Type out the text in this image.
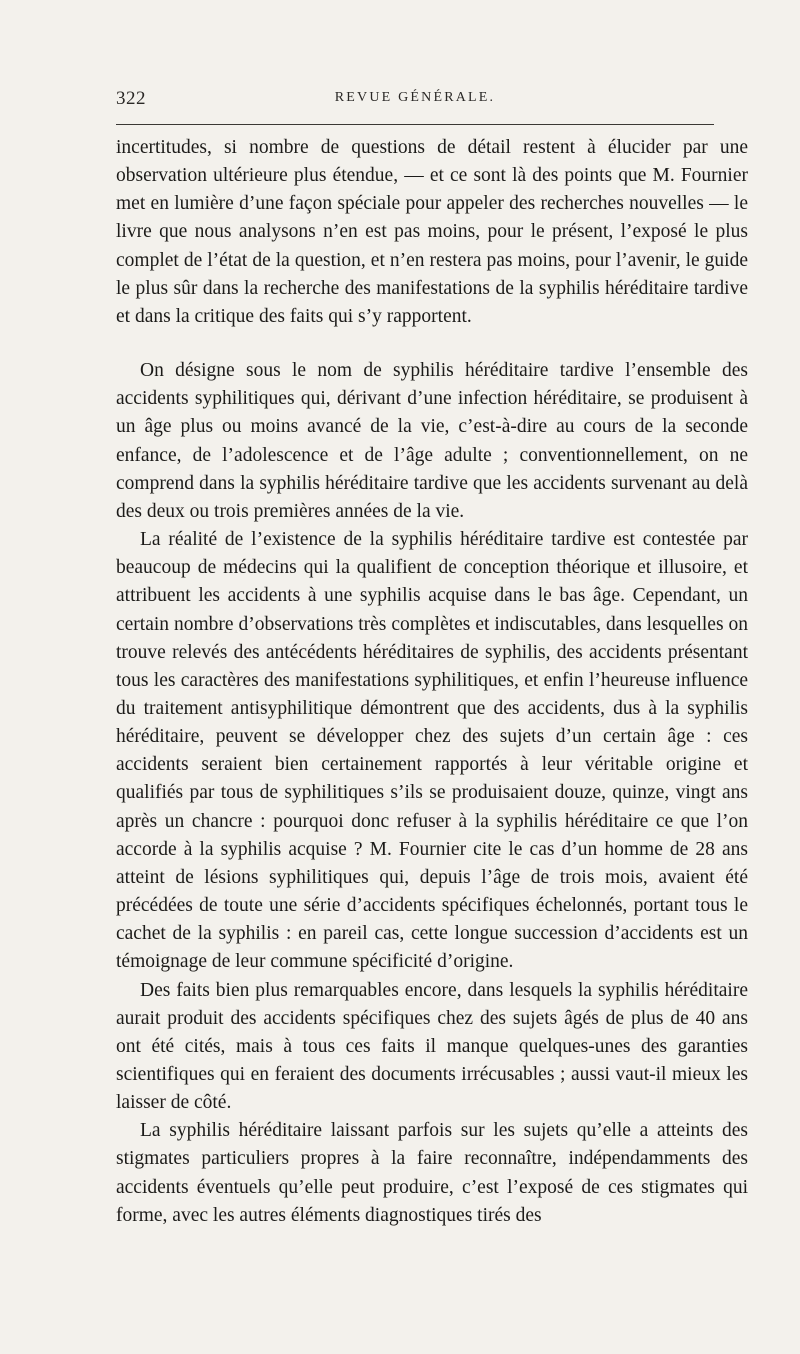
322	REVUE GÉNÉRALE.

incertitudes, si nombre de questions de détail restent à élucider par une observation ultérieure plus étendue, — et ce sont là des points que M. Fournier met en lumière d’une façon spéciale pour appeler des recherches nouvelles — le livre que nous analysons n’en est pas moins, pour le présent, l’exposé le plus complet de l’état de la question, et n’en restera pas moins, pour l’avenir, le guide le plus sûr dans la recherche des manifestations de la syphilis héréditaire tardive et dans la critique des faits qui s’y rapportent.

On désigne sous le nom de syphilis héréditaire tardive l’ensemble des accidents syphilitiques qui, dérivant d’une infection héréditaire, se produisent à un âge plus ou moins avancé de la vie, c’est-à-dire au cours de la seconde enfance, de l’adolescence et de l’âge adulte ; conventionnellement, on ne comprend dans la syphilis héréditaire tardive que les accidents survenant au delà des deux ou trois premières années de la vie.

La réalité de l’existence de la syphilis héréditaire tardive est contestée par beaucoup de médecins qui la qualifient de conception théorique et illusoire, et attribuent les accidents à une syphilis acquise dans le bas âge. Cependant, un certain nombre d’observations très complètes et indiscutables, dans lesquelles on trouve relevés des antécédents héréditaires de syphilis, des accidents présentant tous les caractères des manifestations syphilitiques, et enfin l’heureuse influence du traitement antisyphilitique démontrent que des accidents, dus à la syphilis héréditaire, peuvent se développer chez des sujets d’un certain âge : ces accidents seraient bien certainement rapportés à leur véritable origine et qualifiés par tous de syphilitiques s’ils se produisaient douze, quinze, vingt ans après un chancre : pourquoi donc refuser à la syphilis héréditaire ce que l’on accorde à la syphilis acquise ? M. Fournier cite le cas d’un homme de 28 ans atteint de lésions syphilitiques qui, depuis l’âge de trois mois, avaient été précédées de toute une série d’accidents spécifiques échelonnés, portant tous le cachet de la syphilis : en pareil cas, cette longue succession d’accidents est un témoignage de leur commune spécificité d’origine.

Des faits bien plus remarquables encore, dans lesquels la syphilis héréditaire aurait produit des accidents spécifiques chez des sujets âgés de plus de 40 ans ont été cités, mais à tous ces faits il manque quelques-unes des garanties scientifiques qui en feraient des documents irrécusables ; aussi vaut-il mieux les laisser de côté.

La syphilis héréditaire laissant parfois sur les sujets qu’elle a atteints des stigmates particuliers propres à la faire reconnaître, indépendamments des accidents éventuels qu’elle peut produire, c’est l’exposé de ces stigmates qui forme, avec les autres éléments diagnostiques tirés des
